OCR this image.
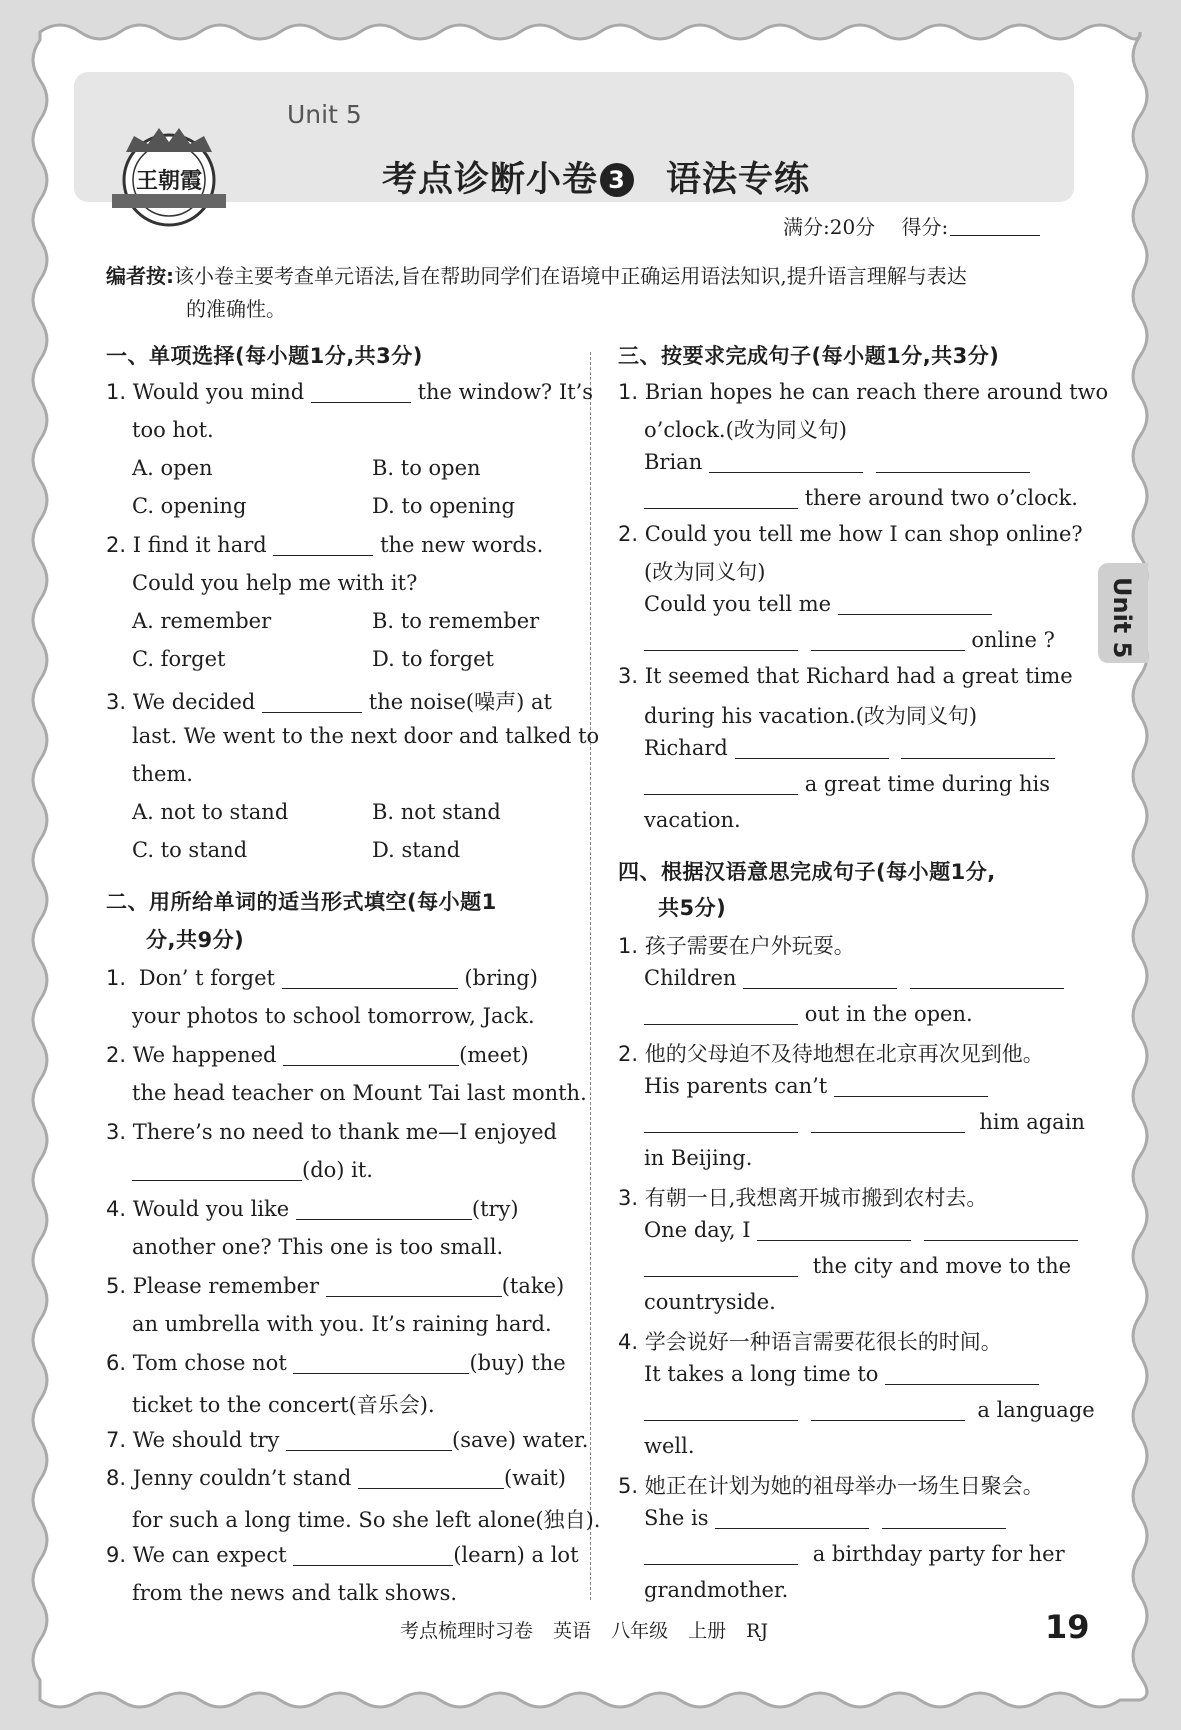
Unit 5
王朝霞	考点诊断小卷 3 语法专练
满分:20分 得分:
编者按:该小卷主要考查单元语法,旨在帮助同学们在语境中正确运用语法知识,提升语言理解与表达
的准确性。
一、单项选择(每小题1分,共3分)
1. Would you mind	the window? It’s
too hot.
A. open	B. to open
C. opening	D. to opening
2. I find it hard	the new words.
Could you help me with it?
A. remember	B. to remember
C. forget	D. to forget
3. We decided	the noise(噪声) at
last. We went to the next door and talked to
them.
A. not to stand	B. not stand
C. to stand	D. stand
二、用所给单词的适当形式填空(每小题1
分,共9分)
1. Don’ t forget	(bring)
your photos to school tomorrow, Jack.
2. We happened	(meet)
the head teacher on Mount Tai last month.
3. There’s no need to thank me—I enjoyed
(do) it.
4. Would you like	(try)
another one? This one is too small.
5. Please remember	(take)
an umbrella with you. It’s raining hard.
6. Tom chose not	(buy) the
ticket to the concert(音乐会).
7. We should try	(save) water.
8. Jenny couldn’t stand	(wait)
for such a long time. So she left alone(独自).
9. We can expect	(learn) a lot
from the news and talk shows.
三、按要求完成句子(每小题1分,共3分)
1. Brian hopes he can reach there around two
o’clock.(改为同义句)
Brian
there around two o’clock.
2. Could you tell me how I can shop online?
(改为同义句)
Could you tell me
online ?
3. It seemed that Richard had a great time
during his vacation.(改为同义句)
Richard
a great time during his
vacation.
四、根据汉语意思完成句子(每小题1分,
共5分)
1. 孩子需要在户外玩耍。
Children
out in the open.
2. 他的父母迫不及待地想在北京再次见到他。
His parents can’t
him again
in Beijing.
3. 有朝一日,我想离开城市搬到农村去。
One day, I
the city and move to the
countryside.
4. 学会说好一种语言需要花很长的时间。
It takes a long time to
a language
well.
5. 她正在计划为她的祖母举办一场生日聚会。
She is
a birthday party for her
grandmother.
Unit 5
考点梳理时习卷 英语 八年级 上册 RJ	19
